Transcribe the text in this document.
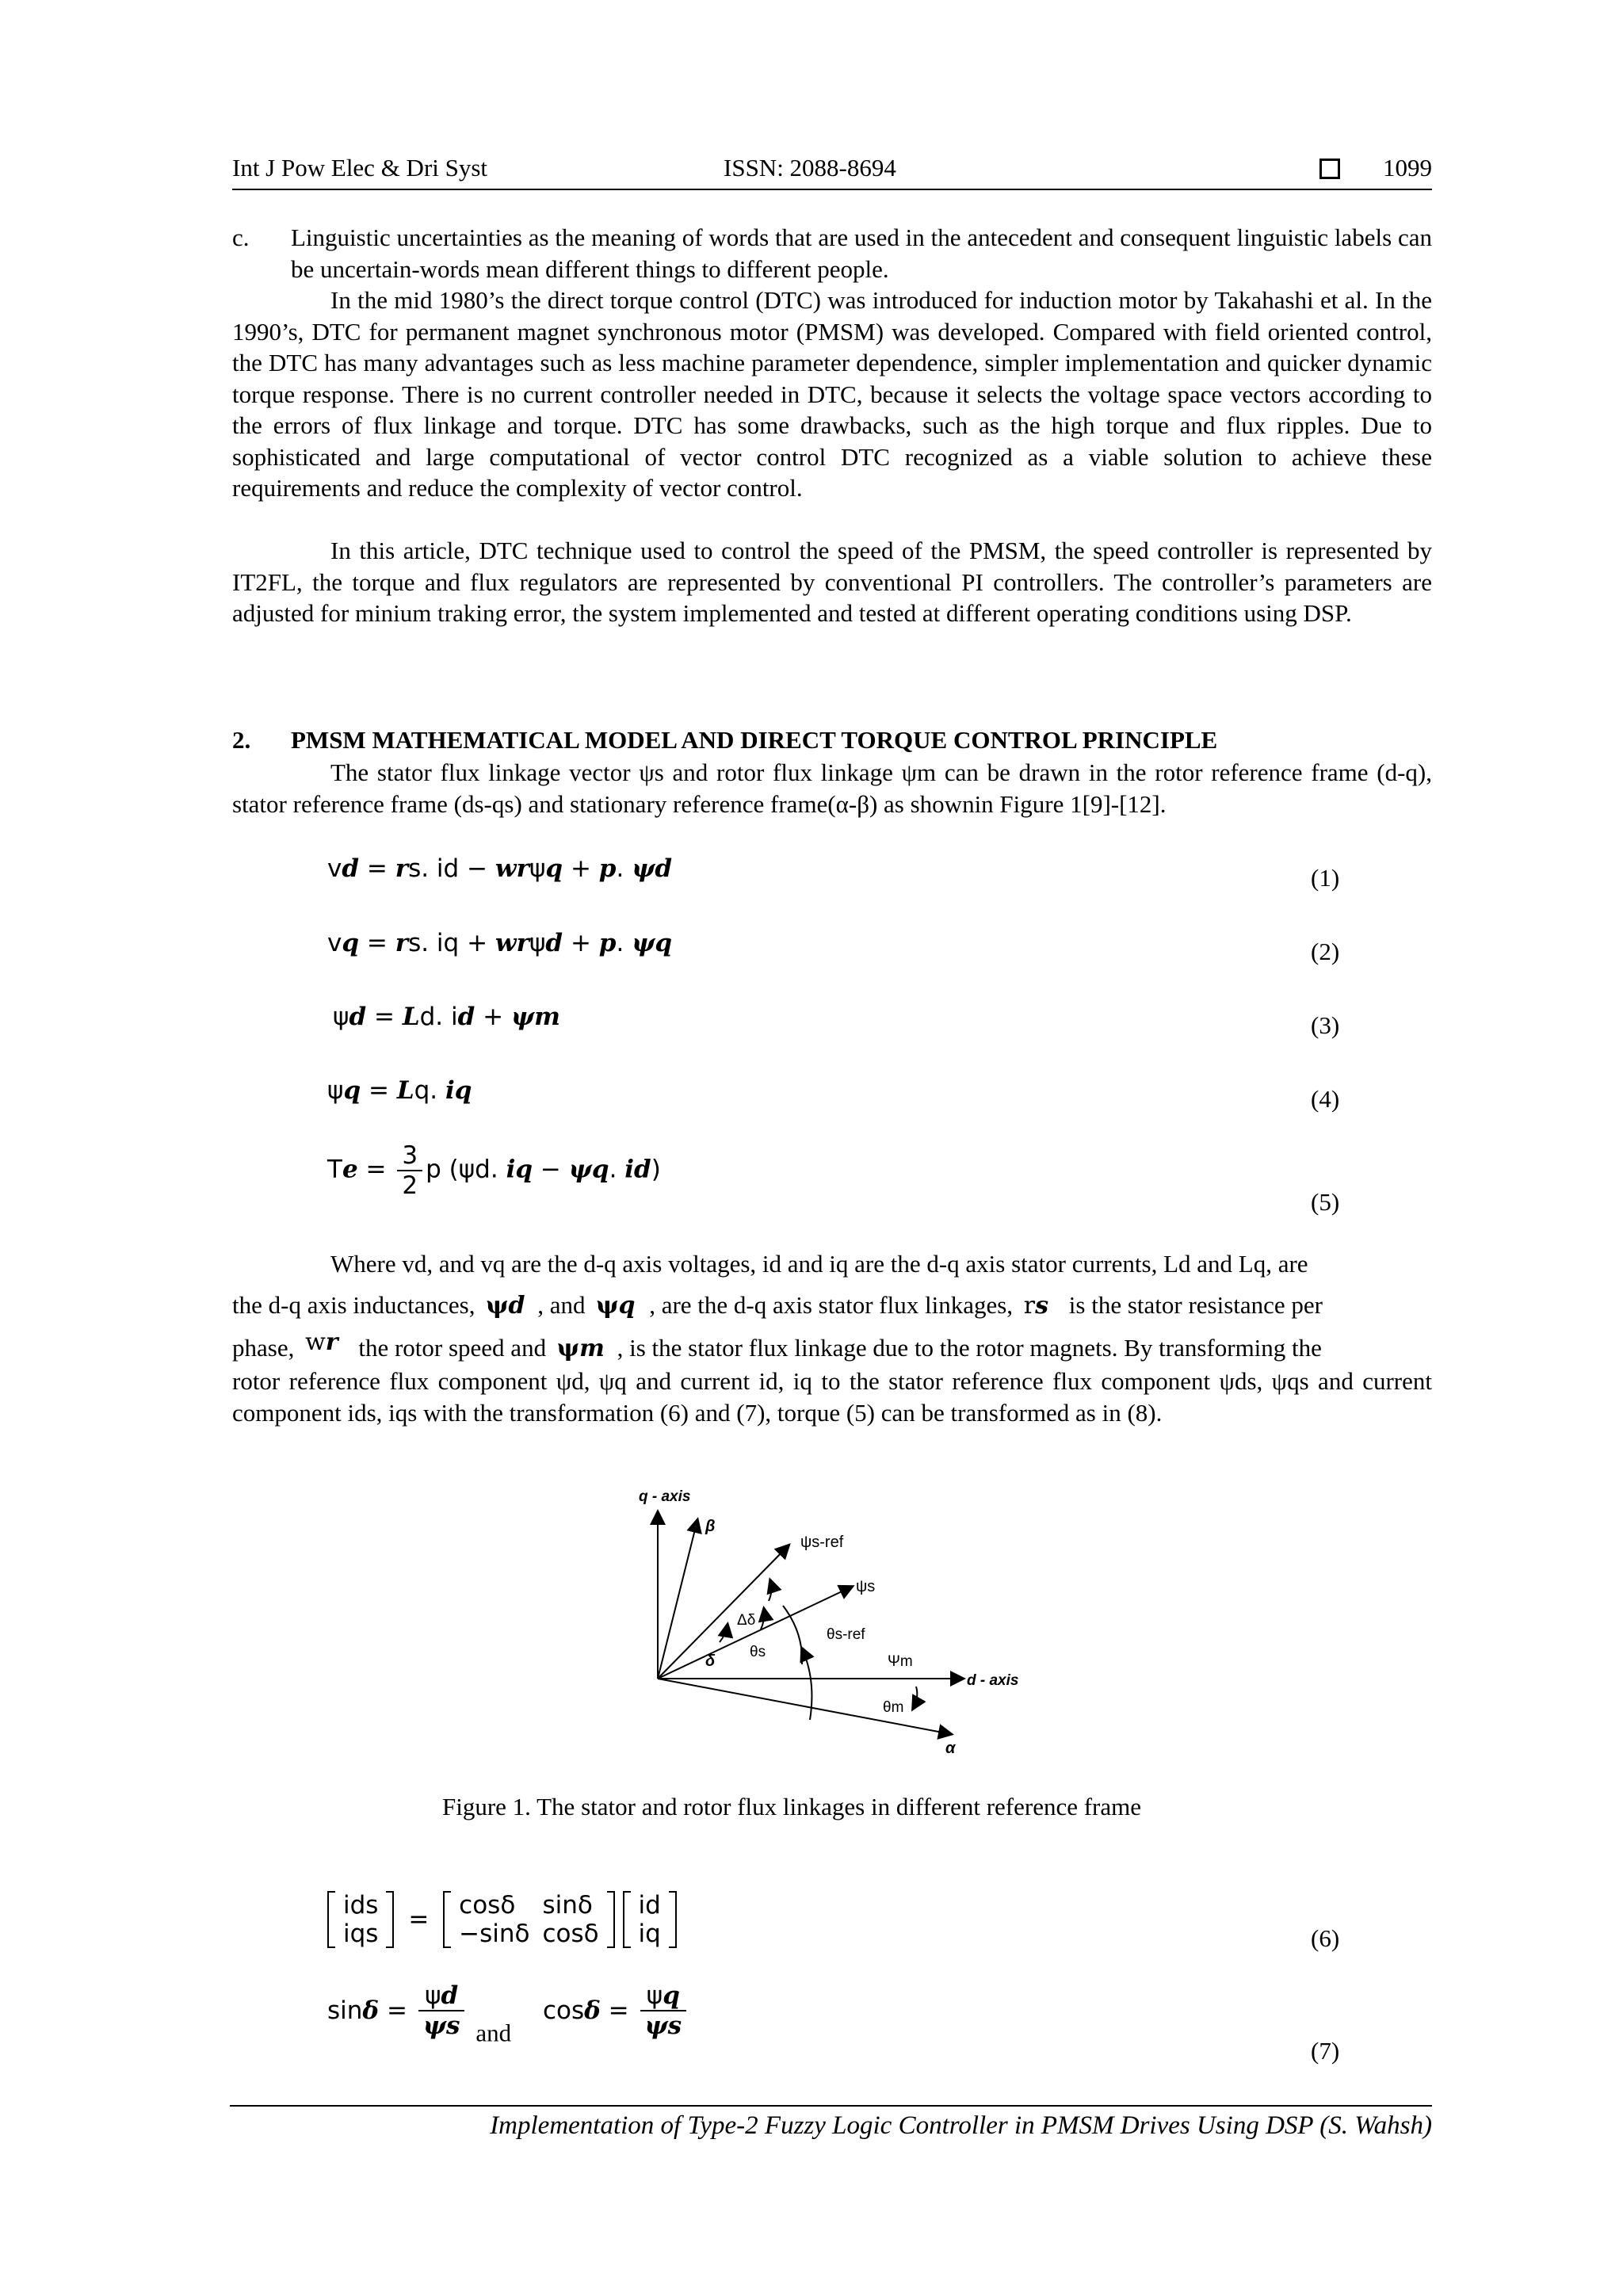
Int J Pow Elec & Dri Syst	ISSN: 2088-8694	1099
c. Linguistic uncertainties as the meaning of words that are used in the antecedent and consequent linguistic labels can be uncertain-words mean different things to different people.
In the mid 1980’s the direct torque control (DTC) was introduced for induction motor by Takahashi et al. In the 1990’s, DTC for permanent magnet synchronous motor (PMSM) was developed. Compared with field oriented control, the DTC has many advantages such as less machine parameter dependence, simpler implementation and quicker dynamic torque response. There is no current controller needed in DTC, because it selects the voltage space vectors according to the errors of flux linkage and torque. DTC has some drawbacks, such as the high torque and flux ripples. Due to sophisticated and large computational of vector control DTC recognized as a viable solution to achieve these requirements and reduce the complexity of vector control.
In this article, DTC technique used to control the speed of the PMSM, the speed controller is represented by IT2FL, the torque and flux regulators are represented by conventional PI controllers. The controller’s parameters are adjusted for minium traking error, the system implemented and tested at different operating conditions using DSP.
2. PMSM MATHEMATICAL MODEL AND DIRECT TORQUE CONTROL PRINCIPLE
The stator flux linkage vector ψs and rotor flux linkage ψm can be drawn in the rotor reference frame (d-q), stator reference frame (ds-qs) and stationary reference frame(α-β) as shownin Figure 1[9]-[12].
vd = rs. id − wrψq + p. ψd	(1)
vq = rs. iq + wrψd + p. ψq	(2)
ψd = Ld. id + ψm	(3)
ψq = Lq. iq	(4)
$Te = \frac{3}{2}$ p (ψd. iq − ψq. id)
(5)
Where vd, and vq are the d-q axis voltages, id and iq are the d-q axis stator currents, Ld and Lq, are
the d-q axis inductances, ψd , and ψq , are the d-q axis stator flux linkages, rs is the stator resistance per
phase, wr the rotor speed and ψm , is the stator flux linkage due to the rotor magnets. By transforming the
rotor reference flux component ψd, ψq and current id, iq to the stator reference flux component ψds, ψqs and current component ids, iqs with the transformation (6) and (7), torque (5) can be transformed as in (8).
q - axis
β
ψs-ref
ψs
d - axis
α
Δδ
θs-ref
δ
θs
Ψm
θm
Figure 1. The stator and rotor flux linkages in different reference frame
ids
iqs = cosδ	sinδ
−sinδ	cosδ

id
iq	(6)
$\sin\delta = \frac{\psi d}{\psi s}$ and $\cos\delta = \frac{\psi q}{\psi s}$
(7)
Implementation of Type-2 Fuzzy Logic Controller in PMSM Drives Using DSP (S. Wahsh)
